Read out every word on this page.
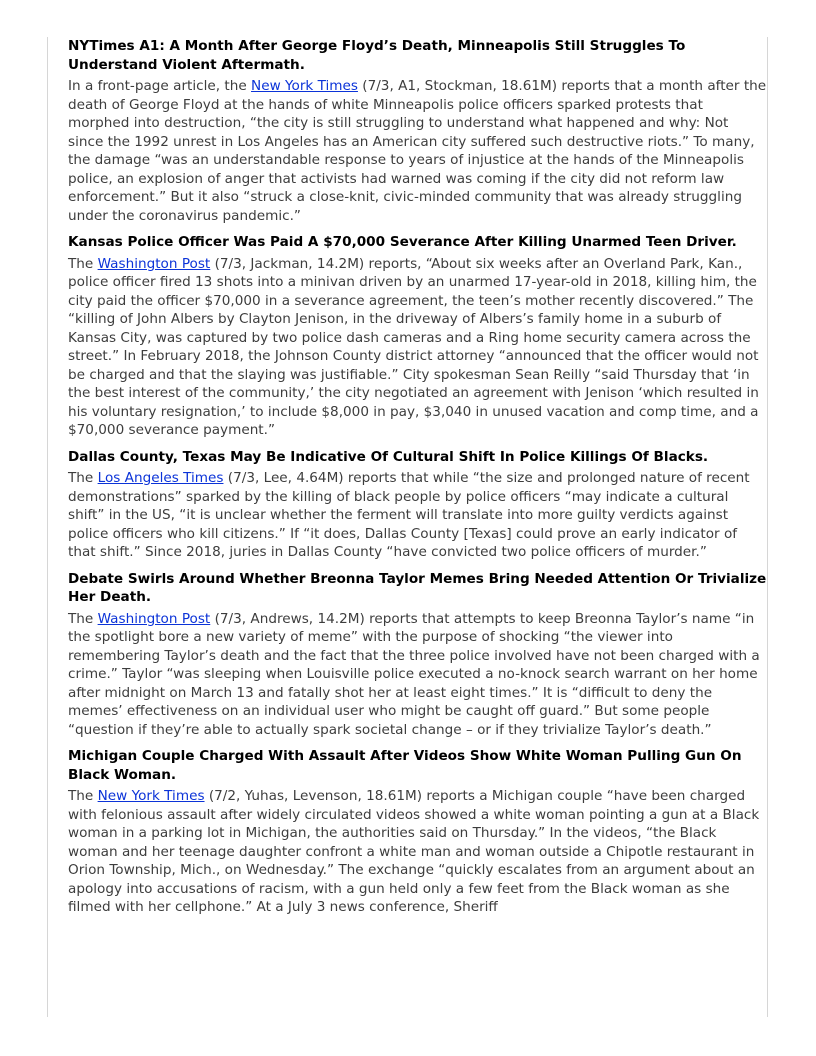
NYTimes A1: A Month After George Floyd’s Death, Minneapolis Still Struggles To Understand Violent Aftermath.

In a front-page article, the New York Times (7/3, A1, Stockman, 18.61M) reports that a month after the death of George Floyd at the hands of white Minneapolis police officers sparked protests that morphed into destruction, “the city is still struggling to understand what happened and why: Not since the 1992 unrest in Los Angeles has an American city suffered such destructive riots.” To many, the damage “was an understandable response to years of injustice at the hands of the Minneapolis police, an explosion of anger that activists had warned was coming if the city did not reform law enforcement.” But it also “struck a close-knit, civic-minded community that was already struggling under the coronavirus pandemic.”

Kansas Police Officer Was Paid A $70,000 Severance After Killing Unarmed Teen Driver.

The Washington Post (7/3, Jackman, 14.2M) reports, “About six weeks after an Overland Park, Kan., police officer fired 13 shots into a minivan driven by an unarmed 17-year-old in 2018, killing him, the city paid the officer $70,000 in a severance agreement, the teen’s mother recently discovered.” The “killing of John Albers by Clayton Jenison, in the driveway of Albers’s family home in a suburb of Kansas City, was captured by two police dash cameras and a Ring home security camera across the street.” In February 2018, the Johnson County district attorney “announced that the officer would not be charged and that the slaying was justifiable.” City spokesman Sean Reilly “said Thursday that ‘in the best interest of the community,’ the city negotiated an agreement with Jenison ‘which resulted in his voluntary resignation,’ to include $8,000 in pay, $3,040 in unused vacation and comp time, and a $70,000 severance payment.”

Dallas County, Texas May Be Indicative Of Cultural Shift In Police Killings Of Blacks.

The Los Angeles Times (7/3, Lee, 4.64M) reports that while “the size and prolonged nature of recent demonstrations” sparked by the killing of black people by police officers “may indicate a cultural shift” in the US, “it is unclear whether the ferment will translate into more guilty verdicts against police officers who kill citizens.” If “it does, Dallas County [Texas] could prove an early indicator of that shift.” Since 2018, juries in Dallas County “have convicted two police officers of murder.”

Debate Swirls Around Whether Breonna Taylor Memes Bring Needed Attention Or Trivialize Her Death.

The Washington Post (7/3, Andrews, 14.2M) reports that attempts to keep Breonna Taylor’s name “in the spotlight bore a new variety of meme” with the purpose of shocking “the viewer into remembering Taylor’s death and the fact that the three police involved have not been charged with a crime.” Taylor “was sleeping when Louisville police executed a no-knock search warrant on her home after midnight on March 13 and fatally shot her at least eight times.” It is “difficult to deny the memes’ effectiveness on an individual user who might be caught off guard.” But some people “question if they’re able to actually spark societal change – or if they trivialize Taylor’s death.”

Michigan Couple Charged With Assault After Videos Show White Woman Pulling Gun On Black Woman.

The New York Times (7/2, Yuhas, Levenson, 18.61M) reports a Michigan couple “have been charged with felonious assault after widely circulated videos showed a white woman pointing a gun at a Black woman in a parking lot in Michigan, the authorities said on Thursday.” In the videos, “the Black woman and her teenage daughter confront a white man and woman outside a Chipotle restaurant in Orion Township, Mich., on Wednesday.” The exchange “quickly escalates from an argument about an apology into accusations of racism, with a gun held only a few feet from the Black woman as she filmed with her cellphone.” At a July 3 news conference, Sheriff
